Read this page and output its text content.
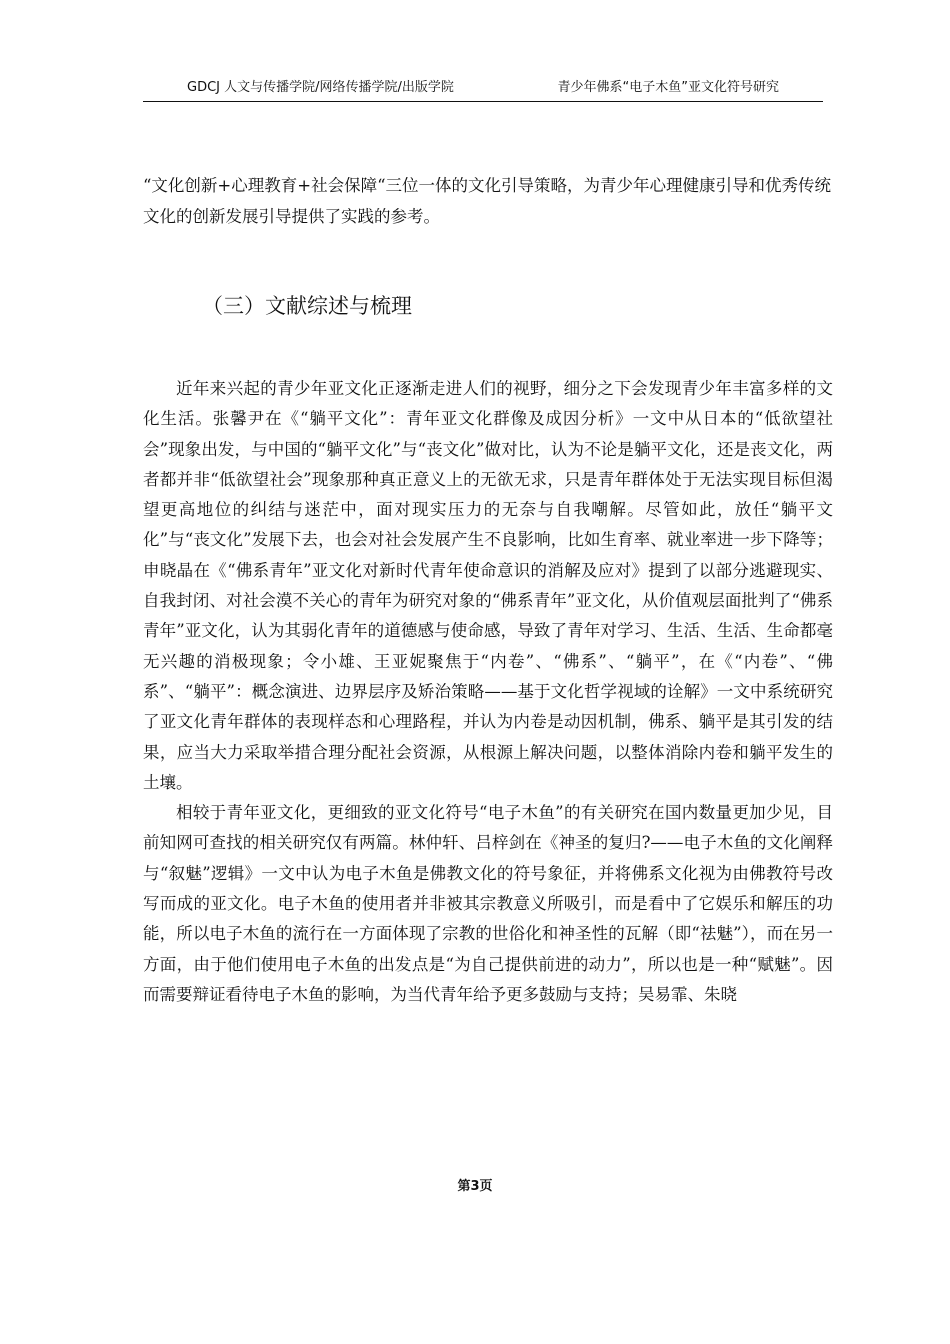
GDCJ 人文与传播学院/网络传播学院/出版学院	青少年佛系“电子木鱼”亚文化符号研究

“文化创新+心理教育+社会保障“三位一体的文化引导策略，为青少年心理健康引导和优秀传统文化的创新发展引导提供了实践的参考。

（三）文献综述与梳理

近年来兴起的青少年亚文化正逐渐走进人们的视野，细分之下会发现青少年丰富多样的文化生活。张馨尹在《“躺平文化”：青年亚文化群像及成因分析》一文中从日本的“低欲望社会”现象出发，与中国的“躺平文化”与“丧文化”做对比，认为不论是躺平文化，还是丧文化，两者都并非“低欲望社会”现象那种真正意义上的无欲无求，只是青年群体处于无法实现目标但渴望更高地位的纠结与迷茫中，面对现实压力的无奈与自我嘲解。尽管如此，放任“躺平文化”与“丧文化”发展下去，也会对社会发展产生不良影响，比如生育率、就业率进一步下降等；申晓晶在《“佛系青年”亚文化对新时代青年使命意识的消解及应对》提到了以部分逃避现实、自我封闭、对社会漠不关心的青年为研究对象的“佛系青年”亚文化，从价值观层面批判了“佛系青年”亚文化，认为其弱化青年的道德感与使命感，导致了青年对学习、生活、生活、生命都毫无兴趣的消极现象；令小雄、王亚妮聚焦于“内卷”、“佛系”、“躺平”，在《“内卷”、“佛系”、“躺平”：概念演进、边界层序及矫治策略——基于文化哲学视域的诠解》一文中系统研究了亚文化青年群体的表现样态和心理路程，并认为内卷是动因机制，佛系、躺平是其引发的结果，应当大力采取举措合理分配社会资源，从根源上解决问题，以整体消除内卷和躺平发生的土壤。

相较于青年亚文化，更细致的亚文化符号“电子木鱼”的有关研究在国内数量更加少见，目前知网可查找的相关研究仅有两篇。林仲轩、吕梓剑在《神圣的复归?——电子木鱼的文化阐释与“叙魅”逻辑》一文中认为电子木鱼是佛教文化的符号象征，并将佛系文化视为由佛教符号改写而成的亚文化。电子木鱼的使用者并非被其宗教意义所吸引，而是看中了它娱乐和解压的功能，所以电子木鱼的流行在一方面体现了宗教的世俗化和神圣性的瓦解（即“祛魅”），而在另一方面，由于他们使用电子木鱼的出发点是“为自己提供前进的动力”，所以也是一种“赋魅”。因而需要辩证看待电子木鱼的影响，为当代青年给予更多鼓励与支持；吴易霏、朱晓

第3页
